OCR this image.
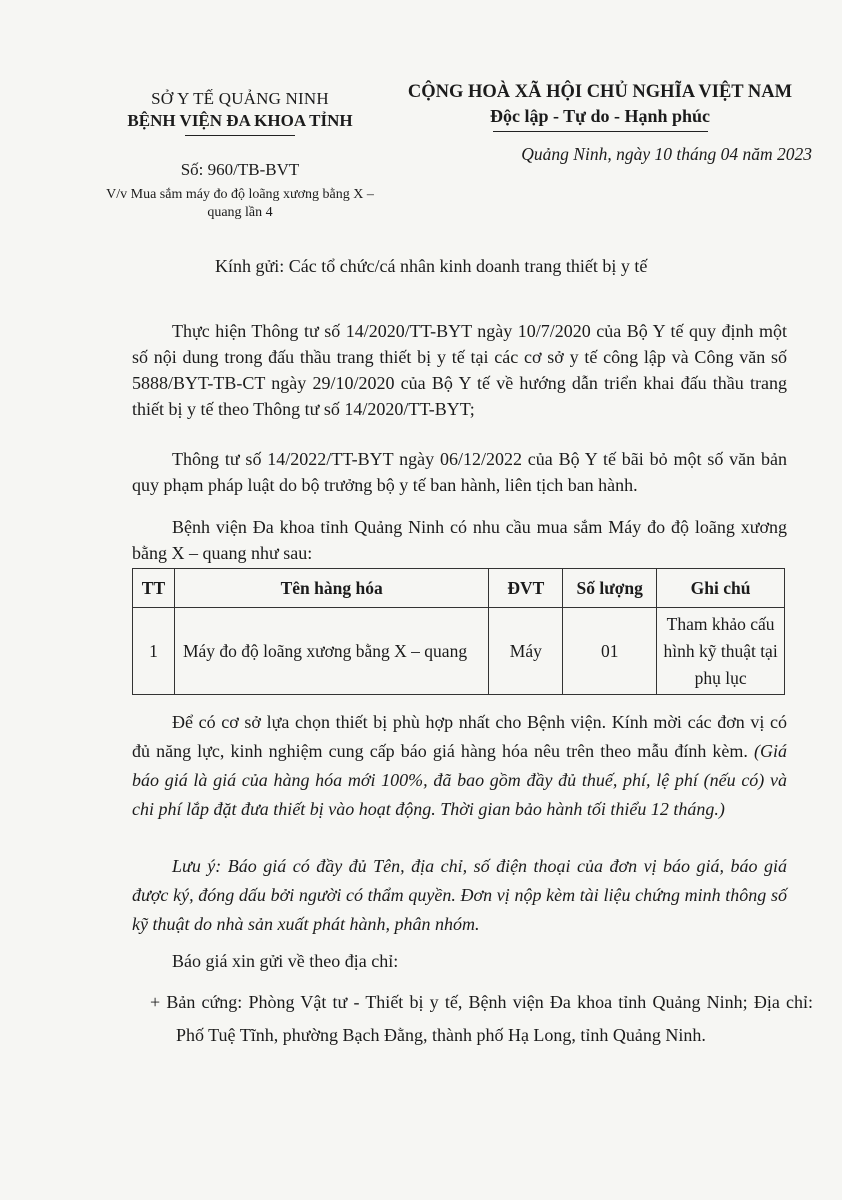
SỞ Y TẾ QUẢNG NINH
BỆNH VIỆN ĐA KHOA TỈNH
CỘNG HOÀ XÃ HỘI CHỦ NGHĨA VIỆT NAM
Độc lập - Tự do - Hạnh phúc
Số: 960/TB-BVT
Quảng Ninh, ngày 10 tháng 04 năm 2023
V/v Mua sắm máy đo độ loãng xương bằng X –
quang lần 4
Kính gửi: Các tổ chức/cá nhân kinh doanh trang thiết bị y tế
Thực hiện Thông tư số 14/2020/TT-BYT ngày 10/7/2020 của Bộ Y tế quy định một số nội dung trong đấu thầu trang thiết bị y tế tại các cơ sở y tế công lập và Công văn số 5888/BYT-TB-CT ngày 29/10/2020 của Bộ Y tế về hướng dẫn triển khai đấu thầu trang thiết bị y tế theo Thông tư số 14/2020/TT-BYT;
Thông tư số 14/2022/TT-BYT ngày 06/12/2022 của Bộ Y tế bãi bỏ một số văn bản quy phạm pháp luật do bộ trưởng bộ y tế ban hành, liên tịch ban hành.
Bệnh viện Đa khoa tỉnh Quảng Ninh có nhu cầu mua sắm Máy đo độ loãng xương bằng X – quang như sau:
TT	Tên hàng hóa	ĐVT	Số lượng	Ghi chú
1	Máy đo độ loãng xương bằng X – quang	Máy	01	Tham khảo cấu
hình kỹ thuật tại
phụ lục
Để có cơ sở lựa chọn thiết bị phù hợp nhất cho Bệnh viện. Kính mời các đơn vị có đủ năng lực, kinh nghiệm cung cấp báo giá hàng hóa nêu trên theo mẫu đính kèm. (Giá báo giá là giá của hàng hóa mới 100%, đã bao gồm đầy đủ thuế, phí, lệ phí (nếu có) và chi phí lắp đặt đưa thiết bị vào hoạt động. Thời gian bảo hành tối thiểu 12 tháng.)
Lưu ý: Báo giá có đầy đủ Tên, địa chỉ, số điện thoại của đơn vị báo giá, báo giá được ký, đóng dấu bởi người có thẩm quyền. Đơn vị nộp kèm tài liệu chứng minh thông số kỹ thuật do nhà sản xuất phát hành, phân nhóm.
Báo giá xin gửi về theo địa chỉ:
+ Bản cứng: Phòng Vật tư - Thiết bị y tế, Bệnh viện Đa khoa tỉnh Quảng Ninh; Địa chỉ: Phố Tuệ Tĩnh, phường Bạch Đằng, thành phố Hạ Long, tỉnh Quảng Ninh.
